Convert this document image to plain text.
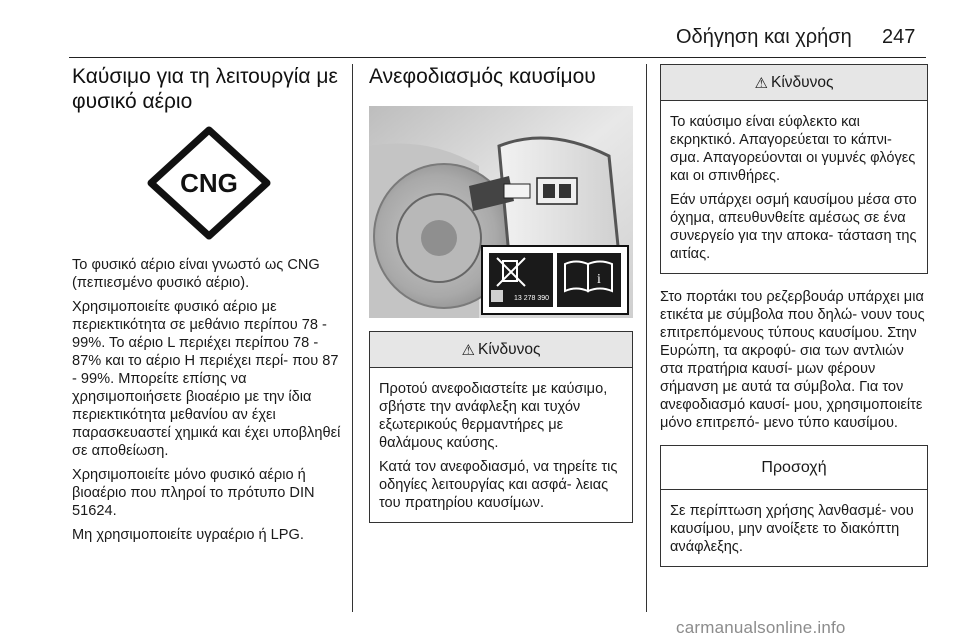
Οδήγηση και χρήση 247
Καύσιμο για τη λειτουργία με
φυσικό αέριο
CNG

Το φυσικό αέριο είναι γνωστό ως CNG (πεπιεσμένο φυσικό αέριο).

Χρησιμοποιείτε φυσικό αέριο με περιεκτικότητα σε μεθάνιο περίπου 78 - 99%. Το αέριο L περιέχει περίπου 78 - 87% και το αέριο H περιέχει περί- που 87 - 99%. Μπορείτε επίσης να χρησιμοποιήσετε βιοαέριο με την ίδια περιεκτικότητα μεθανίου αν έχει παρασκευαστεί χημικά και έχει υποβληθεί σε αποθείωση.

Χρησιμοποιείτε μόνο φυσικό αέριο ή βιοαέριο που πληροί το πρότυπο DIN 51624.

Μη χρησιμοποιείτε υγραέριο ή LPG.

Ανεφοδιασμός καυσίμου
i
13 278 390
⚠ Κίνδυνος

Προτού ανεφοδιαστείτε με καύσιμο, σβήστε την ανάφλεξη και τυχόν εξωτερικούς θερμαντήρες με θαλάμους καύσης.

Κατά τον ανεφοδιασμό, να τηρείτε τις οδηγίες λειτουργίας και ασφά- λειας του πρατηρίου καυσίμων.

⚠ Κίνδυνος

Το καύσιμο είναι εύφλεκτο και εκρηκτικό. Απαγορεύεται το κάπνι- σμα. Απαγορεύονται οι γυμνές φλόγες και οι σπινθήρες.

Εάν υπάρχει οσμή καυσίμου μέσα στο όχημα, απευθυνθείτε αμέσως σε ένα συνεργείο για την αποκα- τάσταση της αιτίας.

Στο πορτάκι του ρεζερβουάρ υπάρχει μια ετικέτα με σύμβολα που δηλώ- νουν τους επιτρεπόμενους τύπους καυσίμου. Στην Ευρώπη, τα ακροφύ- σια των αντλιών στα πρατήρια καυσί- μων φέρουν σήμανση με αυτά τα σύμβολα. Για τον ανεφοδιασμό καυσί- μου, χρησιμοποιείτε μόνο επιτρεπό- μενο τύπο καυσίμου.

Προσοχή

Σε περίπτωση χρήσης λανθασμέ- νου καυσίμου, μην ανοίξετε το διακόπτη ανάφλεξης.

carmanualsonline.info
